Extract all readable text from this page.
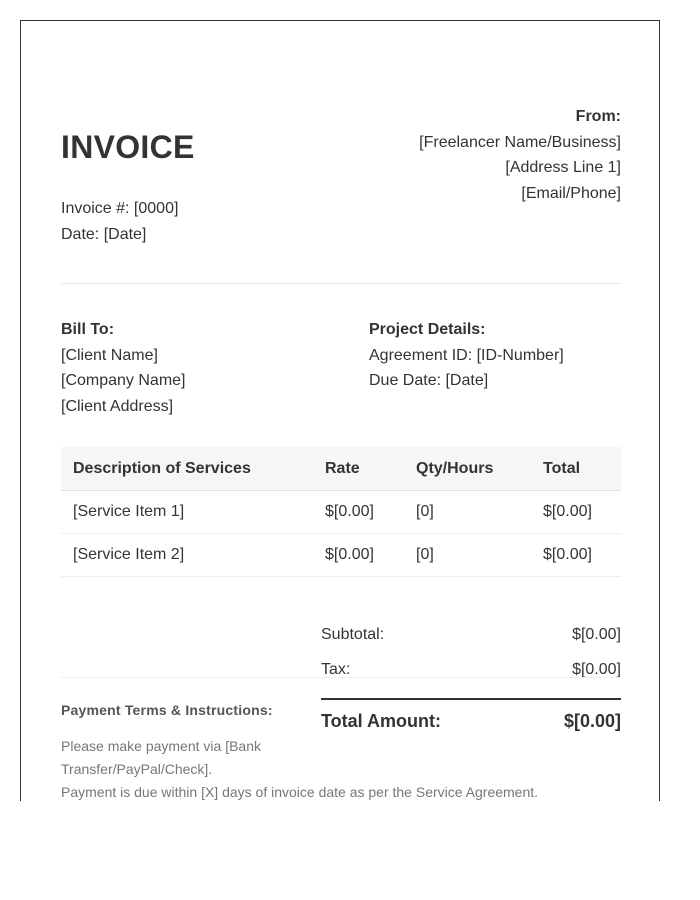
INVOICE
Invoice #: [0000]
Date: [Date]
From:
[Freelancer Name/Business]
[Address Line 1]
[Email/Phone]
Bill To:
[Client Name]
[Company Name]
[Client Address]
Project Details:
Agreement ID: [ID-Number]
Due Date: [Date]
Description of Services	Rate	Qty/Hours	Total
[Service Item 1]	$[0.00]	[0]	$[0.00]
[Service Item 2]	$[0.00]	[0]	$[0.00]
Subtotal:	$[0.00]
Tax:	$[0.00]
Total Amount:	$[0.00]
Payment Terms & Instructions:
Please make payment via [Bank
Transfer/PayPal/Check].
Payment is due within [X] days of invoice date as per the Service Agreement.
